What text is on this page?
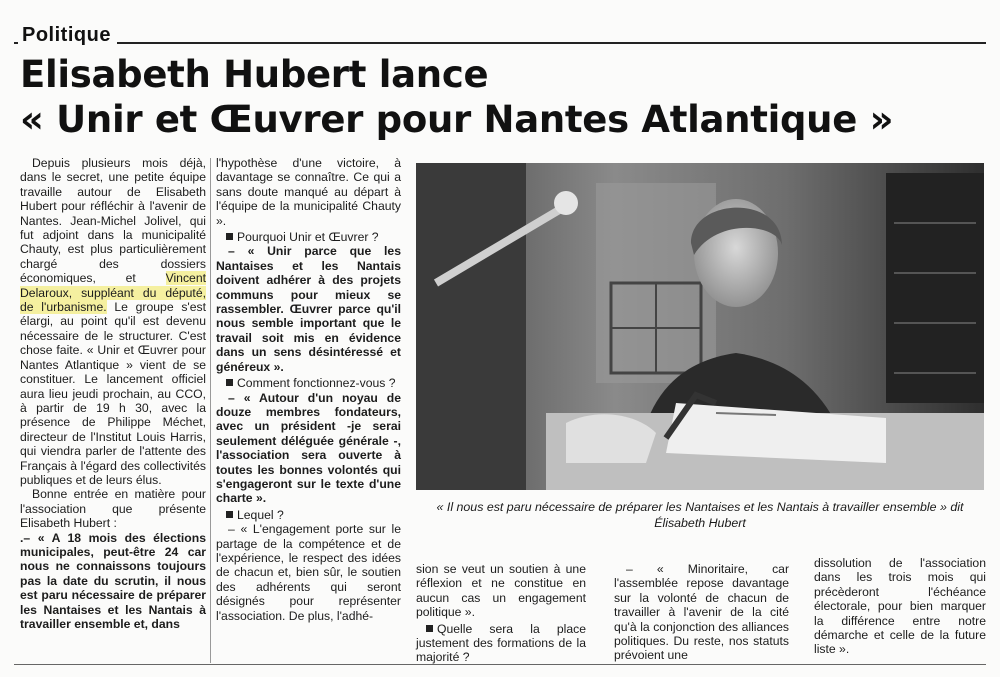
Politique
Elisabeth Hubert lance
« Unir et Œuvrer pour Nantes Atlantique »

Depuis plusieurs mois déjà, dans le secret, une petite équipe travaille autour de Elisabeth Hubert pour réfléchir à l'avenir de Nantes. Jean-Michel Jolivel, qui fut adjoint dans la municipalité Chauty, est plus particulièrement chargé des dossiers économiques, et Vincent Delaroux, suppléant du député, de l'urbanisme. Le groupe s'est élargi, au point qu'il est devenu nécessaire de le structurer. C'est chose faite. « Unir et Œuvrer pour Nantes Atlantique » vient de se constituer. Le lancement officiel aura lieu jeudi prochain, au CCO, à partir de 19 h 30, avec la présence de Philippe Méchet, directeur de l'Institut Louis Harris, qui viendra parler de l'attente des Français à l'égard des collectivités publiques et de leurs élus.

Bonne entrée en matière pour l'association que présente Elisabeth Hubert :

.– « A 18 mois des élections municipales, peut-être 24 car nous ne connaissons toujours pas la date du scrutin, il nous est paru nécessaire de préparer les Nantaises et les Nantais à travailler ensemble et, dans

l'hypothèse d'une victoire, à davantage se connaître. Ce qui a sans doute manqué au départ à l'équipe de la municipalité Chauty ».

Pourquoi Unir et Œuvrer ?

– « Unir parce que les Nantaises et les Nantais doivent adhérer à des projets communs pour mieux se rassembler. Œuvrer parce qu'il nous semble important que le travail soit mis en évidence dans un sens désintéressé et généreux ».

Comment fonctionnez-vous ?

– « Autour d'un noyau de douze membres fondateurs, avec un président -je serai seulement déléguée générale -, l'association sera ouverte à toutes les bonnes volontés qui s'engageront sur le texte d'une charte ».

Lequel ?

– « L'engagement porte sur le partage de la compétence et de l'expérience, le respect des idées de chacun et, bien sûr, le soutien des adhérents qui seront désignés pour représenter l'association. De plus, l'adhé-

« Il nous est paru nécessaire de préparer les Nantaises et les Nantais à travailler ensemble » dit Élisabeth Hubert

sion se veut un soutien à une réflexion et ne constitue en aucun cas un engagement politique ».

Quelle sera la place justement des formations de la majorité ?

– « Minoritaire, car l'assemblée repose davantage sur la volonté de chacun de travailler à l'avenir de la cité qu'à la conjonction des alliances politiques. Du reste, nos statuts prévoient une

dissolution de l'association dans les trois mois qui précèderont l'échéance électorale, pour bien marquer la différence entre notre démarche et celle de la future liste ».
